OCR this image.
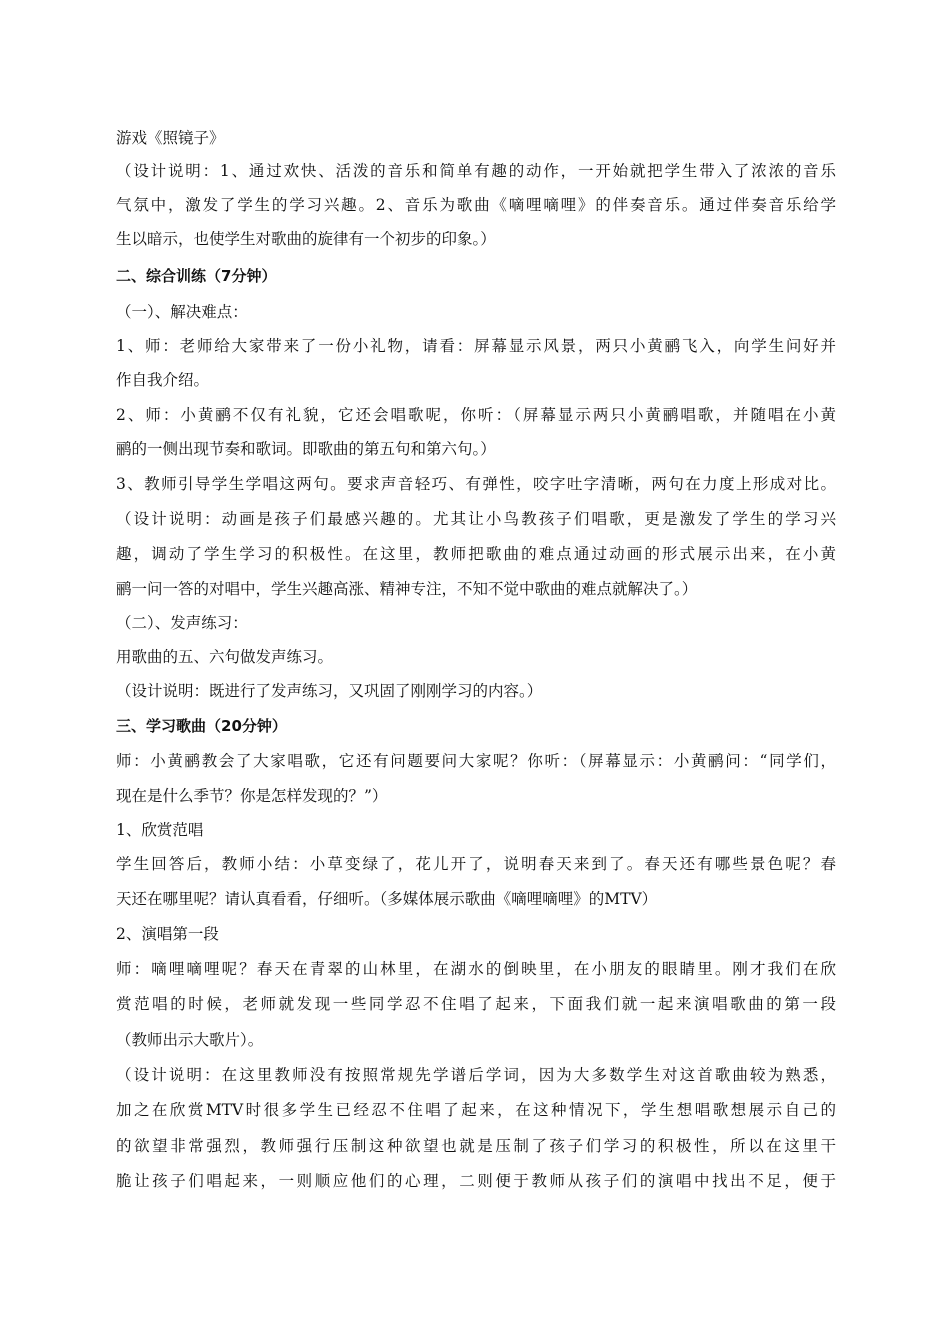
游戏《照镜子》
（设计说明：1、通过欢快、活泼的音乐和简单有趣的动作，一开始就把学生带入了浓浓的音乐
气氛中，激发了学生的学习兴趣。2、音乐为歌曲《嘀哩嘀哩》的伴奏音乐。通过伴奏音乐给学
生以暗示，也使学生对歌曲的旋律有一个初步的印象。）
二、综合训练（7分钟）
（一）、解决难点：
1、师：老师给大家带来了一份小礼物，请看：屏幕显示风景，两只小黄鹂飞入，向学生问好并
作自我介绍。
2、师：小黄鹂不仅有礼貌，它还会唱歌呢，你听：（屏幕显示两只小黄鹂唱歌，并随唱在小黄
鹂的一侧出现节奏和歌词。即歌曲的第五句和第六句。）
3、教师引导学生学唱这两句。要求声音轻巧、有弹性，咬字吐字清晰，两句在力度上形成对比。
（设计说明：动画是孩子们最感兴趣的。尤其让小鸟教孩子们唱歌，更是激发了学生的学习兴
趣，调动了学生学习的积极性。在这里，教师把歌曲的难点通过动画的形式展示出来，在小黄
鹂一问一答的对唱中，学生兴趣高涨、精神专注，不知不觉中歌曲的难点就解决了。）
（二）、发声练习：
用歌曲的五、六句做发声练习。
（设计说明：既进行了发声练习，又巩固了刚刚学习的内容。）
三、学习歌曲（20分钟）
师：小黄鹂教会了大家唱歌，它还有问题要问大家呢？你听：（屏幕显示：小黄鹂问：“同学们，
现在是什么季节？你是怎样发现的？”）
1、欣赏范唱
学生回答后，教师小结：小草变绿了，花儿开了，说明春天来到了。春天还有哪些景色呢？春
天还在哪里呢？请认真看看，仔细听。（多媒体展示歌曲《嘀哩嘀哩》的MTV）
2、演唱第一段
师：嘀哩嘀哩呢？春天在青翠的山林里，在湖水的倒映里，在小朋友的眼睛里。刚才我们在欣
赏范唱的时候，老师就发现一些同学忍不住唱了起来，下面我们就一起来演唱歌曲的第一段
（教师出示大歌片）。
（设计说明：在这里教师没有按照常规先学谱后学词，因为大多数学生对这首歌曲较为熟悉，
加之在欣赏MTV时很多学生已经忍不住唱了起来，在这种情况下，学生想唱歌想展示自己的
的欲望非常强烈，教师强行压制这种欲望也就是压制了孩子们学习的积极性，所以在这里干
脆让孩子们唱起来，一则顺应他们的心理，二则便于教师从孩子们的演唱中找出不足，便于
